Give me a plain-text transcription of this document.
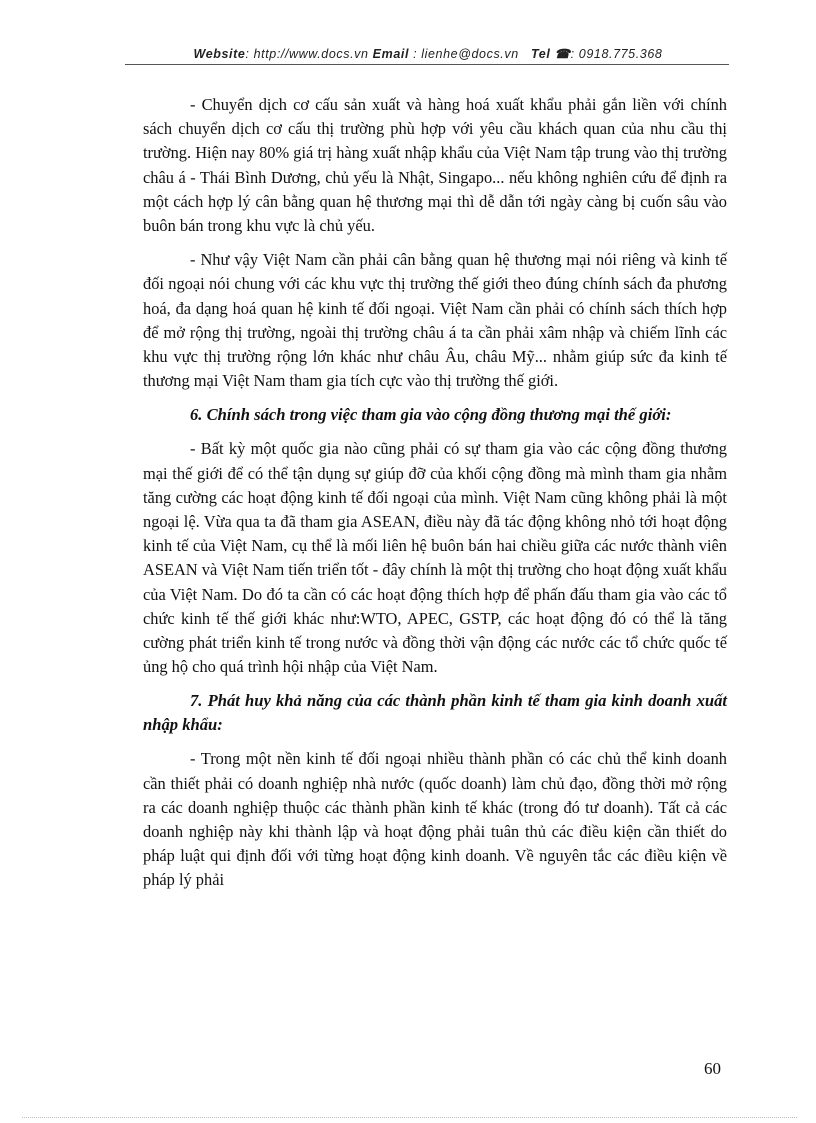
Website: http://www.docs.vn Email : lienhe@docs.vn Tel ☎: 0918.775.368

- Chuyển dịch cơ cấu sản xuất và hàng hoá xuất khẩu phải gắn liền với chính sách chuyển dịch cơ cấu thị trường phù hợp với yêu cầu khách quan của nhu cầu thị trường. Hiện nay 80% giá trị hàng xuất nhập khẩu của Việt Nam tập trung vào thị trường châu á - Thái Bình Dương, chủ yếu là Nhật, Singapo... nếu không nghiên cứu để định ra một cách hợp lý cân bằng quan hệ thương mại thì dễ dẫn tới ngày càng bị cuốn sâu vào buôn bán trong khu vực là chủ yếu.

- Như vậy Việt Nam cần phải cân bằng quan hệ thương mại nói riêng và kinh tế đối ngoại nói chung với các khu vực thị trường thế giới theo đúng chính sách đa phương hoá, đa dạng hoá quan hệ kinh tế đối ngoại. Việt Nam cần phải có chính sách thích hợp để mở rộng thị trường, ngoài thị trường châu á ta cần phải xâm nhập và chiếm lĩnh các khu vực thị trường rộng lớn khác như châu Âu, châu Mỹ... nhằm giúp sức đa kinh tế thương mại Việt Nam tham gia tích cực vào thị trường thế giới.

6. Chính sách trong việc tham gia vào cộng đồng thương mại thế giới:

- Bất kỳ một quốc gia nào cũng phải có sự tham gia vào các cộng đồng thương mại thế giới để có thể tận dụng sự giúp đỡ của khối cộng đồng mà mình tham gia nhằm tăng cường các hoạt động kinh tế đối ngoại của mình. Việt Nam cũng không phải là một ngoại lệ. Vừa qua ta đã tham gia ASEAN, điều này đã tác động không nhỏ tới hoạt động kinh tế của Việt Nam, cụ thể là mối liên hệ buôn bán hai chiều giữa các nước thành viên ASEAN và Việt Nam tiến triển tốt - đây chính là một thị trường cho hoạt động xuất khẩu của Việt Nam. Do đó ta cần có các hoạt động thích hợp để phấn đấu tham gia vào các tổ chức kinh tế thế giới khác như:WTO, APEC, GSTP, các hoạt động đó có thể là tăng cường phát triển kinh tế trong nước và đồng thời vận động các nước các tổ chức quốc tế ủng hộ cho quá trình hội nhập của Việt Nam.

7. Phát huy khả năng của các thành phần kinh tế tham gia kinh doanh xuất nhập khẩu:

- Trong một nền kinh tế đối ngoại nhiều thành phần có các chủ thể kinh doanh cần thiết phải có doanh nghiệp nhà nước (quốc doanh) làm chủ đạo, đồng thời mở rộng ra các doanh nghiệp thuộc các thành phần kinh tế khác (trong đó tư doanh). Tất cả các doanh nghiệp này khi thành lập và hoạt động phải tuân thủ các điều kiện cần thiết do pháp luật qui định đối với từng hoạt động kinh doanh. Về nguyên tắc các điều kiện về pháp lý phải

60
